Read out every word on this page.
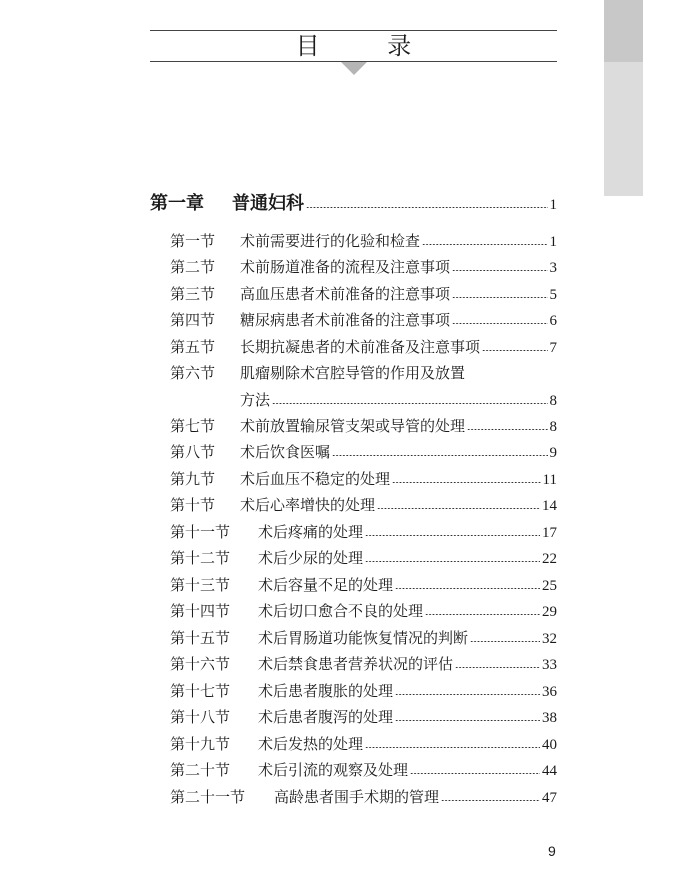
目 录
第一章	普通妇科	1
第一节	术前需要进行的化验和检查	1
第二节	术前肠道准备的流程及注意事项	3
第三节	高血压患者术前准备的注意事项	5
第四节	糖尿病患者术前准备的注意事项	6
第五节	长期抗凝患者的术前准备及注意事项	7
第六节	肌瘤剔除术宫腔导管的作用及放置
方法	8
第七节	术前放置输尿管支架或导管的处理	8
第八节	术后饮食医嘱	9
第九节	术后血压不稳定的处理	11
第十节	术后心率增快的处理	14
第十一节	术后疼痛的处理	17
第十二节	术后少尿的处理	22
第十三节	术后容量不足的处理	25
第十四节	术后切口愈合不良的处理	29
第十五节	术后胃肠道功能恢复情况的判断	32
第十六节	术后禁食患者营养状况的评估	33
第十七节	术后患者腹胀的处理	36
第十八节	术后患者腹泻的处理	38
第十九节	术后发热的处理	40
第二十节	术后引流的观察及处理	44
第二十一节	高龄患者围手术期的管理	47
9
